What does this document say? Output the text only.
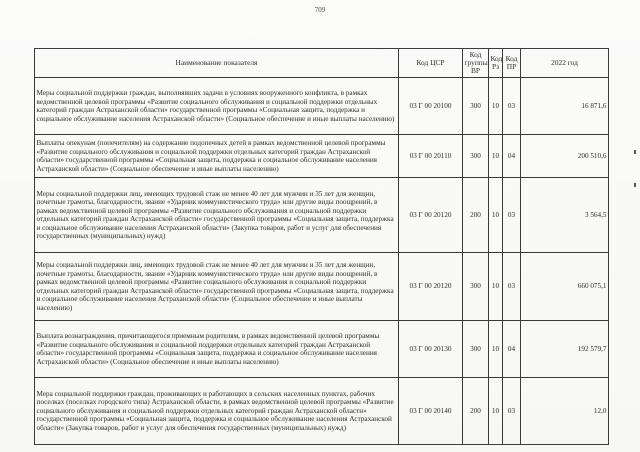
709
Наименование показателя	Код ЦСР	Код группы ВР	Код Рз	Код ПР	2022 год
Меры социальной поддержки граждан, выполнявших задачи в условиях вооруженного конфликта, в рамках ведомственной целевой программы «Развитие социального обслуживания и социальной поддержки отдельных категорий граждан Астраханской области» государственной программы «Социальная защита, поддержка и социальное обслуживание населения Астраханской области» (Социальное обеспечение и иные выплаты населению)	03 Г 00 20100	300	10	03	16 871,6
Выплаты опекунам (попечителям) на содержание подопечных детей в рамках ведомственной целевой программы «Развитие социального обслуживания и социальной поддержки отдельных категорий граждан Астраханской области» государственной программы «Социальная защита, поддержка и социальное обслуживание населения Астраханской области» (Социальное обеспечение и иные выплаты населению)	03 Г 00 20110	300	10	04	200 510,6
Меры социальной поддержки лиц, имеющих трудовой стаж не менее 40 лет для мужчин и 35 лет для женщин, почетные грамоты, благодарности, звание «Ударник коммунистического труда» или другие виды поощрений, в рамках ведомственной целевой программы «Развитие социального обслуживания и социальной поддержки отдельных категорий граждан Астраханской области» государственной программы «Социальная защита, поддержка и социальное обслуживание населения Астраханской области» (Закупка товаров, работ и услуг для обеспечения государственных (муниципальных) нужд)	03 Г 00 20120	200	10	03	3 564,5
Меры социальной поддержки лиц, имеющих трудовой стаж не менее 40 лет для мужчин и 35 лет для женщин, почетные грамоты, благодарности, звание «Ударник коммунистического труда» или другие виды поощрений, в рамках ведомственной целевой программы «Развитие социального обслуживания и социальной поддержки отдельных категорий граждан Астраханской области» государственной программы «Социальная защита, поддержка и социальное обслуживание населения Астраханской области» (Социальное обеспечение и иные выплаты населению)	03 Г 00 20120	300	10	03	660 075,1
Выплата вознаграждения, причитающегося приемным родителям, в рамках ведомственной целевой программы «Развитие социального обслуживания и социальной поддержки отдельных категорий граждан Астраханской области» государственной программы «Социальная защита, поддержка и социальное обслуживание населения Астраханской области» (Социальное обеспечение и иные выплаты населению)	03 Г 00 20130	300	10	04	192 579,7
Мера социальной поддержки граждан, проживающих и работающих в сельских населенных пунктах, рабочих поселках (поселках городского типа) Астраханской области, в рамках ведомственной целевой программы «Развитие социального обслуживания и социальной поддержки отдельных категорий граждан Астраханской области» государственной программы «Социальная защита, поддержка и социальное обслуживание населения Астраханской области» (Закупка товаров, работ и услуг для обеспечения государственных (муниципальных) нужд)	03 Г 00 20140	200	10	03	12,0
